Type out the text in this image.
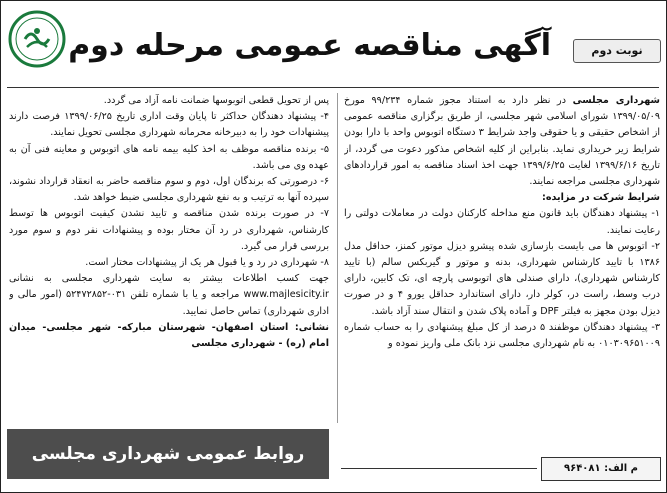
آگهی مناقصه عمومی مرحله دوم	نوبت دوم
شهرداری مجلسی در نظر دارد به استناد مجوز شماره ۹۹/۲۳۴ مورخ ۱۳۹۹/۰۵/۰۹ شورای اسلامی شهر مجلسی، از طریق برگزاری مناقصه عمومی از اشخاص حقیقی و یا حقوقی واجد شرایط ۳ دستگاه اتوبوس واحد با دارا بودن شرایط زیر خریداری نماید. بنابراین از کلیه اشخاص مذکور دعوت می گردد، از تاریخ ۱۳۹۹/۶/۱۶ لغایت ۱۳۹۹/۶/۲۵ جهت اخذ اسناد مناقصه به امور قراردادهای شهرداری مجلسی مراجعه نمایند.
شرایط شرکت در مزایده:
۱- پیشنهاد دهندگان باید قانون منع مداخله کارکنان دولت در معاملات دولتی را رعایت نمایند.
۲- اتوبوس ها می بایست بازسازی شده پیشرو دیزل موتور کمنز، حداقل مدل ۱۳۸۶ با تایید کارشناس شهرداری، بدنه و موتور و گیربکس سالم (با تایید کارشناس شهرداری)، دارای صندلی های اتوبوسی پارچه ای، تک کابین، دارای درب وسط، راست در، کولر دار، دارای استاندارد حداقل یورو ۴ و در صورت دیزل بودن مجهز به فیلتر DPF و آماده پلاک شدن و انتقال سند آزاد باشد.
۳- پیشنهاد دهندگان موظفند ۵ درصد از کل مبلغ پیشنهادی را به حساب شماره ۰۱۰۳۰۹۶۵۱۰۰۹ به نام شهرداری مجلسی نزد بانک ملی واریز نموده و
پس از تحویل قطعی اتوبوسها ضمانت نامه آزاد می گردد.
۴- پیشنهاد دهندگان حداکثر تا پایان وقت اداری تاریخ ۱۳۹۹/۰۶/۲۵ فرصت دارند پیشنهادات خود را به دبیرخانه محرمانه شهرداری مجلسی تحویل نمایند.
۵- برنده مناقصه موظف به اخذ کلیه بیمه نامه های اتوبوس و معاینه فنی آن به عهده وی می باشد.
۶- درصورتی که برندگان اول، دوم و سوم مناقصه حاضر به انعقاد قرارداد نشوند، سپرده آنها به ترتیب و به نفع شهرداری مجلسی ضبط خواهد شد.
۷- در صورت برنده شدن مناقصه و تایید نشدن کیفیت اتوبوس ها توسط کارشناس، شهرداری در رد آن مختار بوده و پیشنهادات نفر دوم و سوم مورد بررسی قرار می گیرد.
۸- شهرداری در رد و یا قبول هر یک از پیشنهادات مختار است.
جهت کسب اطلاعات بیشتر به سایت شهرداری مجلسی به نشانی www.majlesicity.ir مراجعه و یا با شماره تلفن ۰۳۱-۵۲۴۷۲۸۵۲ (امور مالی و اداری شهرداری) تماس حاصل نمایید.
نشانی: استان اصفهان- شهرستان مبارکه- شهر مجلسی- میدان امام (ره) - شهرداری مجلسی
روابط عمومی شهرداری مجلسی
م الف: ۹۶۴۰۸۱
